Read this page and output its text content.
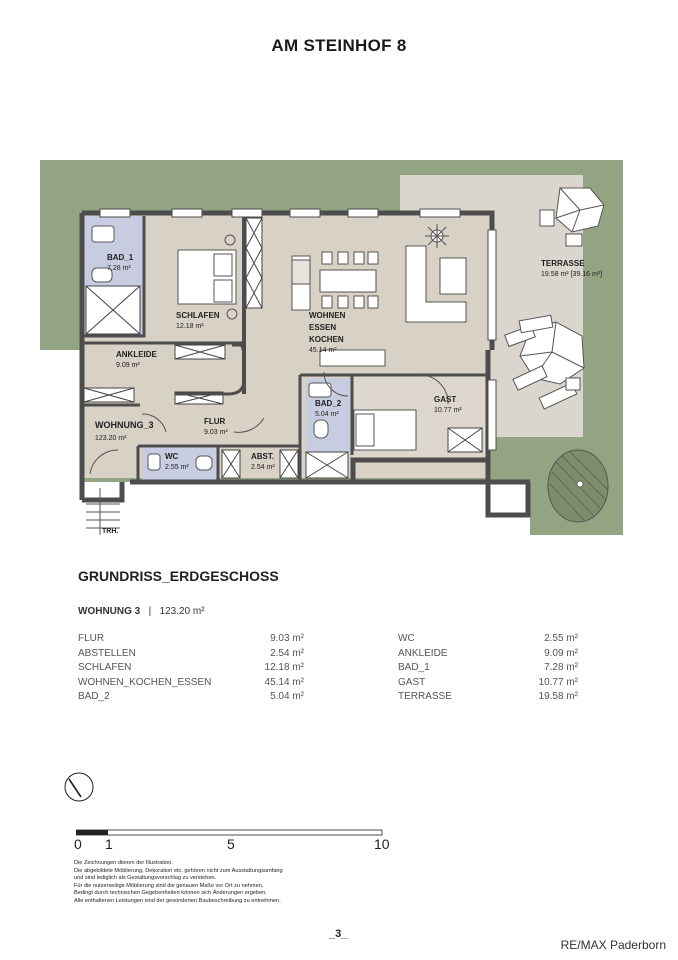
AM STEINHOF 8
BAD_1
7.28 m²
SCHLAFEN
12.18 m²
WOHNEN
ESSEN
KOCHEN
45.14 m²
TERRASSE
19.58 m² [39.16 m²]
ANKLEIDE
9.09 m²
BAD_2
5.04 m²
GAST
10.77 m²
WOHNUNG_3
123.20 m²
FLUR
9.03 m²
WC
2.55 m²
ABST.
2.54 m²
TRH.
GRUNDRISS_ERDGESCHOSS
WOHNUNG 3 | 123.20 m²
FLUR	9.03 m²
ABSTELLEN	2.54 m²
SCHLAFEN	12.18 m²
WOHNEN_KOCHEN_ESSEN	45.14 m²
BAD_2	5.04 m²
WC	2.55 m²
ANKLEIDE	9.09 m²
BAD_1	7.28 m²
GAST	10.77 m²
TERRASSE	19.58 m²
0 1	5	10
Die Zeichnungen dienen der Illustration.
Die abgebildete Möblierung, Dekoration etc. gehören nicht zum Ausstattungsumfang
und sind lediglich als Gestaltungsvorschlag zu verstehen.
Für die nutzerseitige Möblierung sind die genauen Maße vor Ort zu nehmen.
Bedingt durch technischen Gegebenheiten können sich Änderungen ergeben.
Alle enthaltenen Leistungen sind der gesonderten Baubeschreibung zu entnehmen.
_3_
RE/MAX Paderborn
